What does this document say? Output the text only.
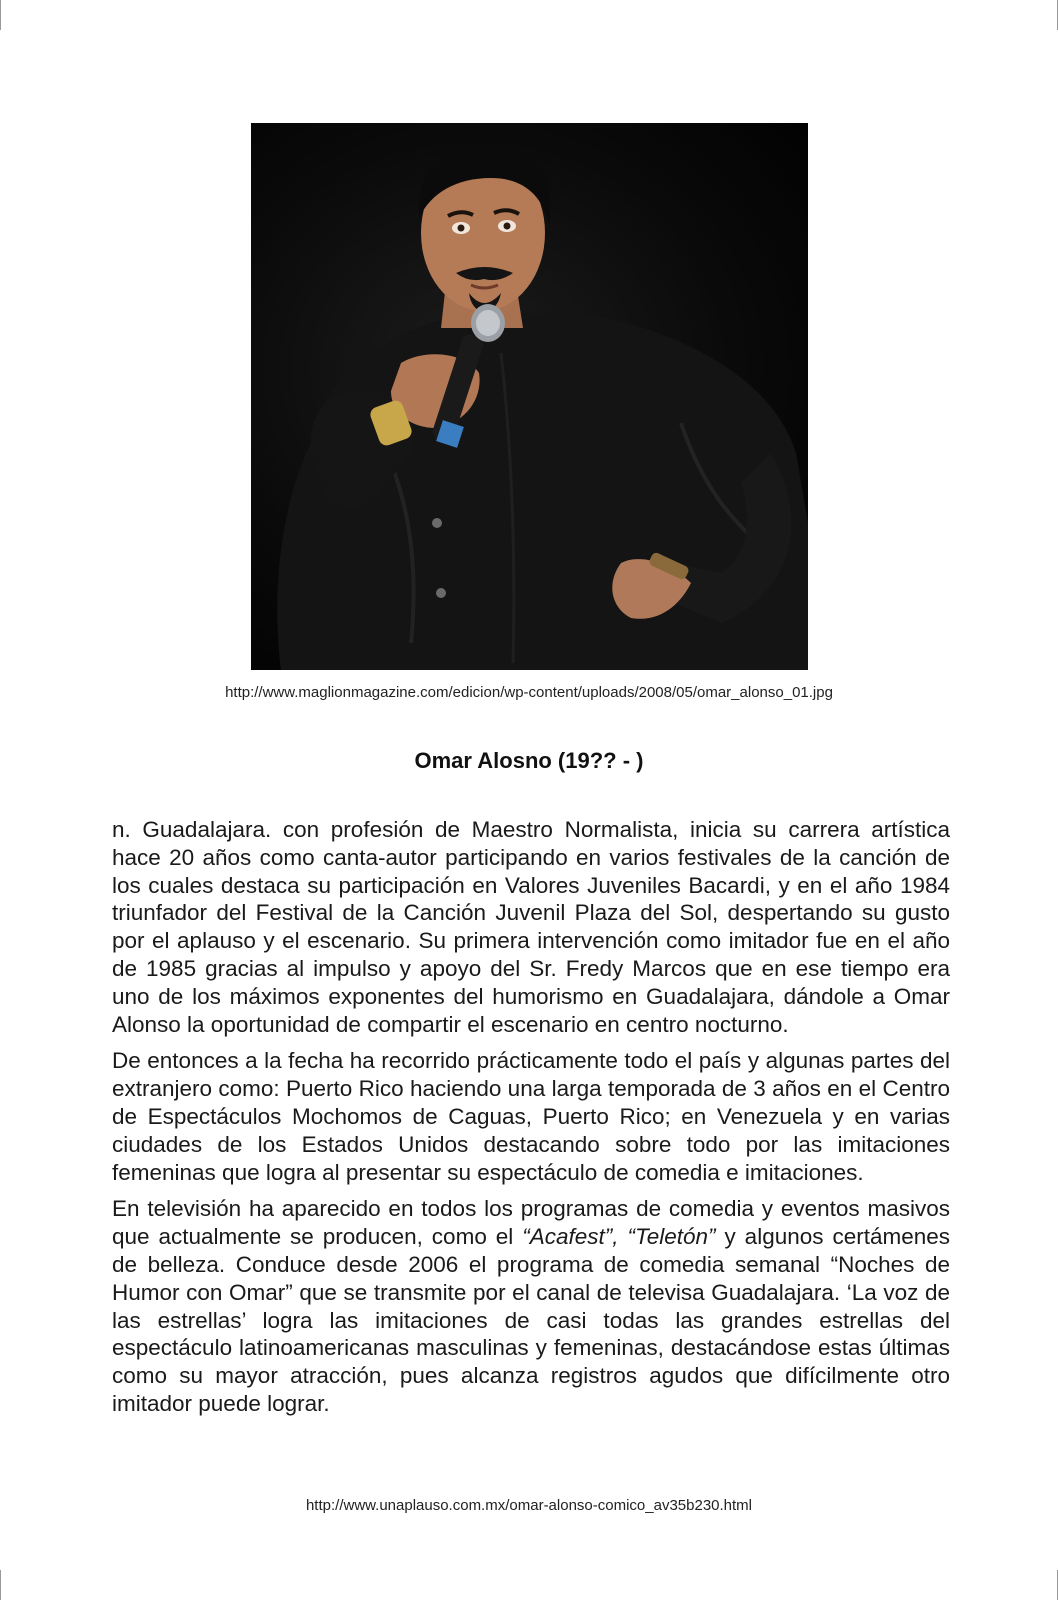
http://www.maglionmagazine.com/edicion/wp-content/uploads/2008/05/omar_alonso_01.jpg
Omar Alosno (19?? - )

n. Guadalajara. con profesión de Maestro Normalista, inicia su carrera artística hace 20 años como canta-autor participando en varios festivales de la canción de los cuales destaca su participación en Valores Juveniles Bacardi, y en el año 1984 triunfador del Festival de la Canción Juvenil Plaza del Sol, despertando su gusto por el aplauso y el escenario. Su primera intervención como imitador fue en el año de 1985 gracias al impulso y apoyo del Sr. Fredy Marcos que en ese tiempo era uno de los máximos exponentes del humorismo en Guadalajara, dándole a Omar Alonso la oportunidad de compartir el escenario en centro nocturno.

De entonces a la fecha ha recorrido prácticamente todo el país y algunas partes del extranjero como: Puerto Rico haciendo una larga temporada de 3 años en el Centro de Espectáculos Mochomos de Caguas, Puerto Rico; en Venezuela y en varias ciudades de los Estados Unidos destacando sobre todo por las imitaciones femeninas que logra al presentar su espectáculo de comedia e imitaciones.

En televisión ha aparecido en todos los programas de comedia y eventos masivos que actualmente se producen, como el “Acafest”, “Teletón” y algunos certámenes de belleza. Conduce desde 2006 el programa de comedia semanal “Noches de Humor con Omar” que se transmite por el canal de televisa Guadalajara. ‘La voz de las estrellas’ logra las imitaciones de casi todas las grandes estrellas del espectáculo latinoamericanas masculinas y femeninas, destacándose estas últimas como su mayor atracción, pues alcanza registros agudos que difícilmente otro imitador puede lograr.

http://www.unaplauso.com.mx/omar-alonso-comico_av35b230.html
